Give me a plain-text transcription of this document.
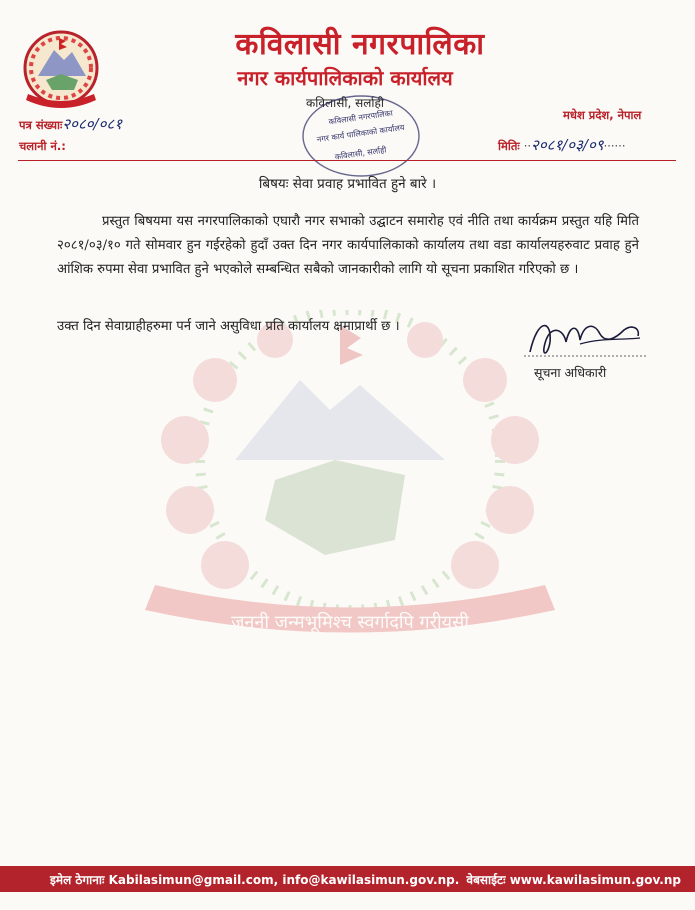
जननी जन्मभूमिश्च स्वर्गादपि गरीयसी
कविलासी नगरपालिका
नगर कार्यपालिकाको कार्यालय
कविलासी, सर्लाही
पत्र संख्याः२०८०/०८१
चलानी नं.:
मधेश प्रदेश, नेपाल
मितिः ··२०८१/०३/०९······
कविलासी नगरपालिका
नगर कार्य पालिकाको कार्यालय
कविलासी, सर्लाही
बिषयः सेवा प्रवाह प्रभावित हुने बारे ।
प्रस्तुत बिषयमा यस नगरपालिकाको एघारौ नगर सभाको उद्घाटन समारोह एवं नीति तथा कार्यक्रम प्रस्तुत यहि मिति २०८१/०३/१० गते सोमवार हुन गईरहेको हुदाँ उक्त दिन नगर कार्यपालिकाको कार्यालय तथा वडा कार्यालयहरुवाट प्रवाह हुने आंशिक रुपमा सेवा प्रभावित हुने भएकोले सम्बन्धित सबैको जानकारीको लागि यो सूचना प्रकाशित गरिएको छ ।
उक्त दिन सेवाग्राहीहरुमा पर्न जाने असुविधा प्रति कार्यालय क्षमाप्रार्थी छ ।
सूचना अधिकारी
इमेल ठेगानाः Kabilasimun@gmail.com, info@kawilasimun.gov.np. वेबसाईटः www.kawilasimun.gov.np
